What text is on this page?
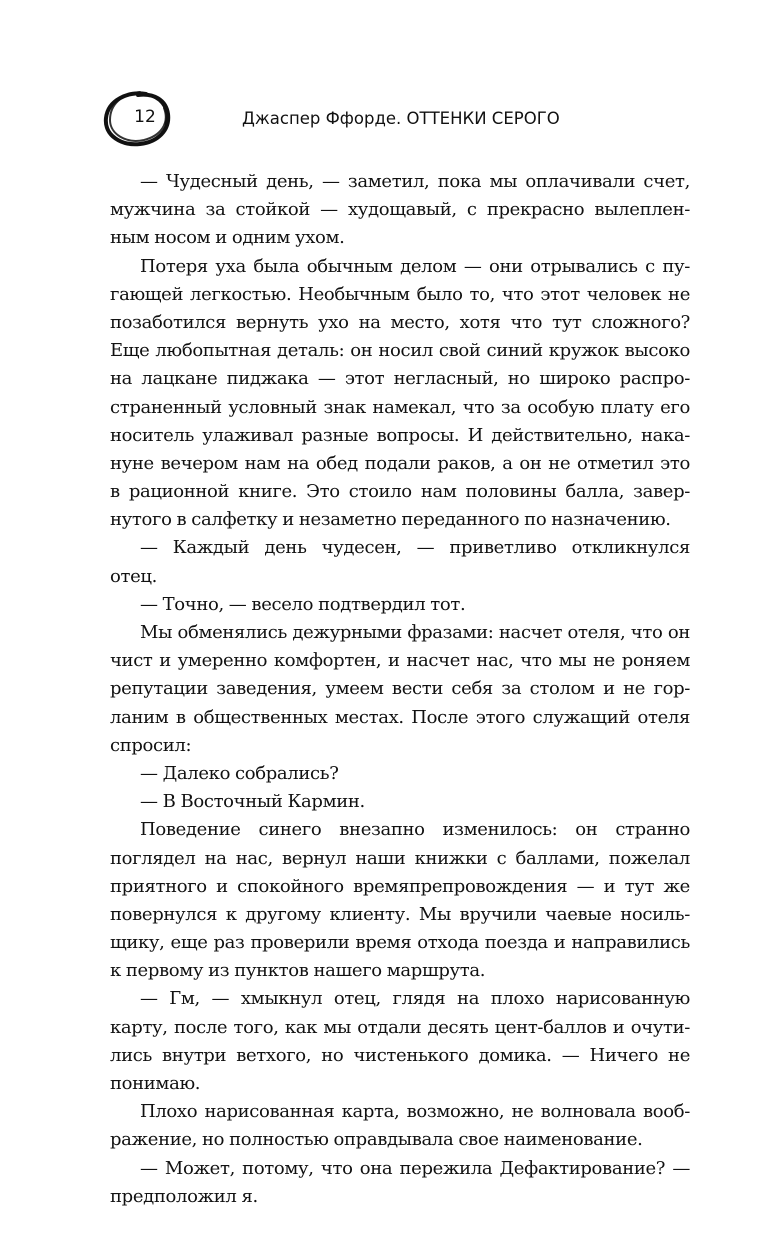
12	Джаспер Ффорде. ОТТЕНКИ СЕРОГО
— Чудесный день, — заметил, пока мы оплачивали счет,
мужчина за стойкой — худощавый, с прекрасно вылеплен-
ным носом и одним ухом.
Потеря уха была обычным делом — они отрывались с пу-
гающей легкостью. Необычным было то, что этот человек не
позаботился вернуть ухо на место, хотя что тут сложного?
Еще любопытная деталь: он носил свой синий кружок высоко
на лацкане пиджака — этот негласный, но широко распро-
страненный условный знак намекал, что за особую плату его
носитель улаживал разные вопросы. И действительно, нака-
нуне вечером нам на обед подали раков, а он не отметил это
в рационной книге. Это стоило нам половины балла, завер-
нутого в салфетку и незаметно переданного по назначению.
— Каждый день чудесен, — приветливо откликнулся
отец.
— Точно, — весело подтвердил тот.
Мы обменялись дежурными фразами: насчет отеля, что он
чист и умеренно комфортен, и насчет нас, что мы не роняем
репутации заведения, умеем вести себя за столом и не гор-
ланим в общественных местах. После этого служащий отеля
спросил:
— Далеко собрались?
— В Восточный Кармин.
Поведение синего внезапно изменилось: он странно
поглядел на нас, вернул наши книжки с баллами, пожелал
приятного и спокойного времяпрепровождения — и тут же
повернулся к другому клиенту. Мы вручили чаевые носиль-
щику, еще раз проверили время отхода поезда и направились
к первому из пунктов нашего маршрута.
— Гм, — хмыкнул отец, глядя на плохо нарисованную
карту, после того, как мы отдали десять цент-баллов и очути-
лись внутри ветхого, но чистенького домика. — Ничего не
понимаю.
Плохо нарисованная карта, возможно, не волновала вооб-
ражение, но полностью оправдывала свое наименование.
— Может, потому, что она пережила Дефактирование? —
предположил я.
